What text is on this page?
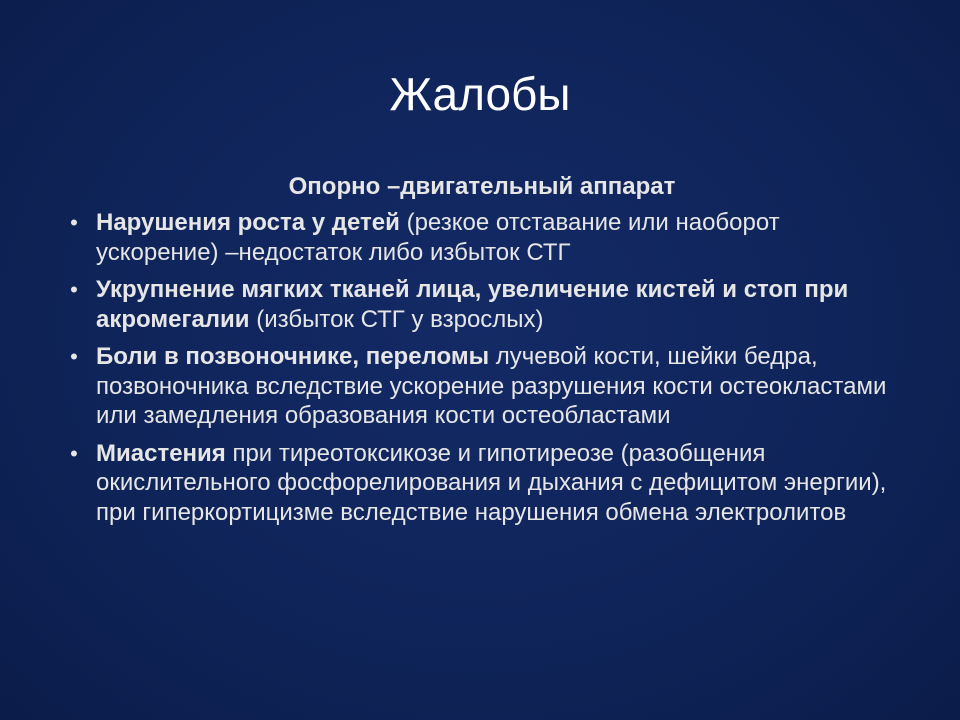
Жалобы
Опорно –двигательный аппарат
• Нарушения роста у детей (резкое отставание или наоборот ускорение) –недостаток либо избыток СТГ
• Укрупнение мягких тканей лица, увеличение кистей и стоп при акромегалии (избыток СТГ у взрослых)
• Боли в позвоночнике, переломы лучевой кости, шейки бедра, позвоночника вследствие ускорение разрушения кости остеокластами или замедления образования кости остеобластами
• Миастения при тиреотоксикозе и гипотиреозе (разобщения окислительного фосфорелирования и дыхания с дефицитом энергии), при гиперкортицизме вследствие нарушения обмена электролитов
